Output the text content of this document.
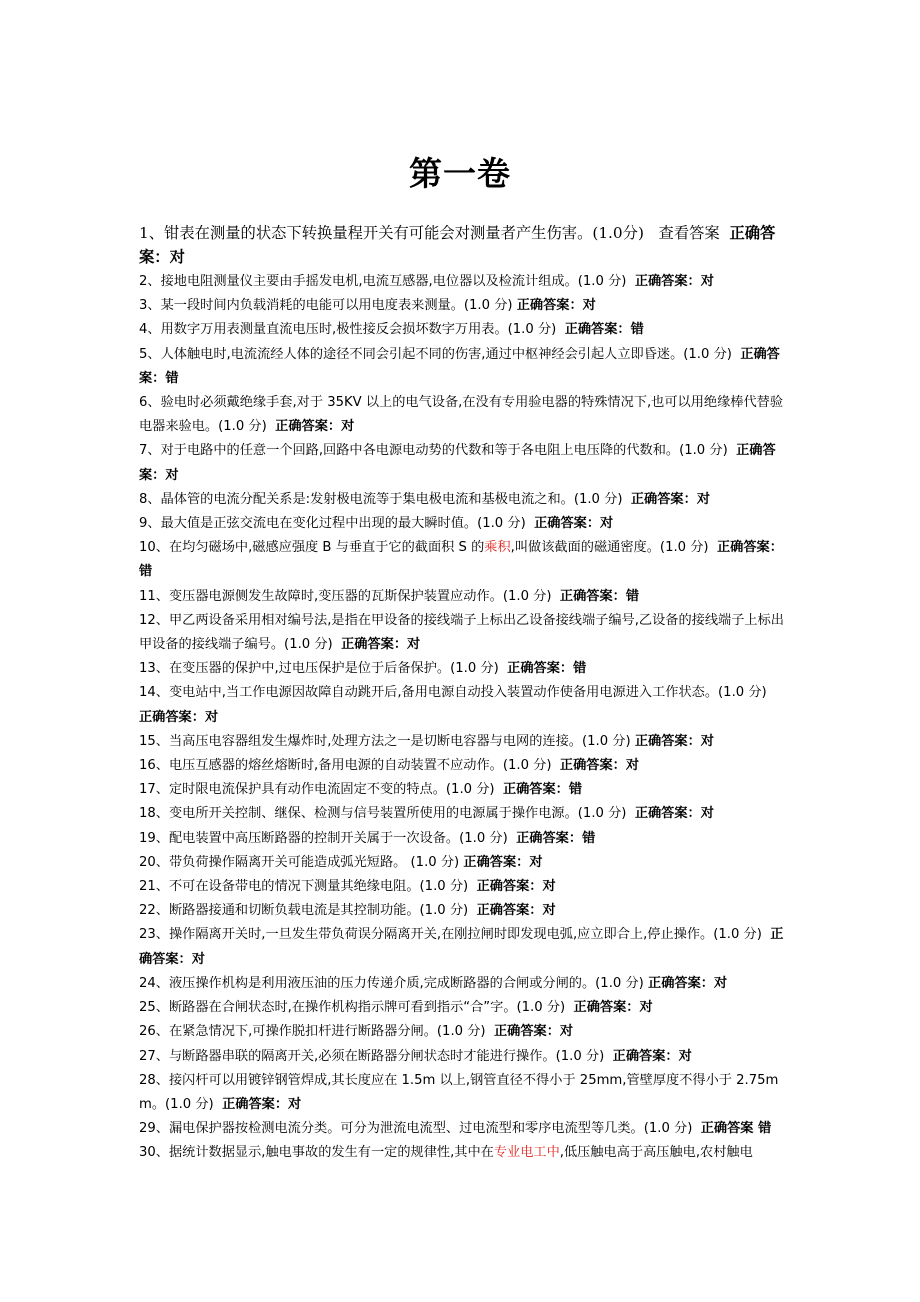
第一卷

1、钳表在测量的状态下转换量程开关有可能会对测量者产生伤害。(1.0分) 查看答案 正确答案：对

2、接地电阻测量仪主要由手摇发电机,电流互感器,电位器以及检流计组成。(1.0 分) 正确答案：对

3、某一段时间内负载消耗的电能可以用电度表来测量。(1.0 分) 正确答案：对

4、用数字万用表测量直流电压时,极性接反会损坏数字万用表。(1.0 分) 正确答案：错

5、人体触电时,电流流经人体的途径不同会引起不同的伤害,通过中枢神经会引起人立即昏迷。(1.0 分) 正确答案：错

6、验电时必须戴绝缘手套,对于 35KV 以上的电气设备,在没有专用验电器的特殊情况下,也可以用绝缘棒代替验电器来验电。(1.0 分) 正确答案：对

7、对于电路中的任意一个回路,回路中各电源电动势的代数和等于各电阻上电压降的代数和。(1.0 分) 正确答案：对

8、晶体管的电流分配关系是:发射极电流等于集电极电流和基极电流之和。(1.0 分) 正确答案：对

9、最大值是正弦交流电在变化过程中出现的最大瞬时值。(1.0 分) 正确答案：对

10、在均匀磁场中,磁感应强度 B 与垂直于它的截面积 S 的乘积,叫做该截面的磁通密度。(1.0 分) 正确答案：错

11、变压器电源侧发生故障时,变压器的瓦斯保护装置应动作。(1.0 分) 正确答案：错

12、甲乙两设备采用相对编号法,是指在甲设备的接线端子上标出乙设备接线端子编号,乙设备的接线端子上标出甲设备的接线端子编号。(1.0 分) 正确答案：对

13、在变压器的保护中,过电压保护是位于后备保护。(1.0 分) 正确答案：错

14、变电站中,当工作电源因故障自动跳开后,备用电源自动投入装置动作使备用电源进入工作状态。(1.0 分)  正确答案：对

15、当高压电容器组发生爆炸时,处理方法之一是切断电容器与电网的连接。(1.0 分) 正确答案：对

16、电压互感器的熔丝熔断时,备用电源的自动装置不应动作。(1.0 分) 正确答案：对

17、定时限电流保护具有动作电流固定不变的特点。(1.0 分) 正确答案：错

18、变电所开关控制、继保、检测与信号装置所使用的电源属于操作电源。(1.0 分) 正确答案：对

19、配电装置中高压断路器的控制开关属于一次设备。(1.0 分) 正确答案：错

20、带负荷操作隔离开关可能造成弧光短路。 (1.0 分) 正确答案：对

21、不可在设备带电的情况下测量其绝缘电阻。(1.0 分) 正确答案：对

22、断路器接通和切断负载电流是其控制功能。(1.0 分) 正确答案：对

23、操作隔离开关时,一旦发生带负荷误分隔离开关,在刚拉闸时即发现电弧,应立即合上,停止操作。(1.0 分) 正确答案：对

24、液压操作机构是利用液压油的压力传递介质,完成断路器的合闸或分闸的。(1.0 分) 正确答案：对

25、断路器在合闸状态时,在操作机构指示牌可看到指示“合”字。(1.0 分) 正确答案：对

26、在紧急情况下,可操作脱扣杆进行断路器分闸。(1.0 分) 正确答案：对

27、与断路器串联的隔离开关,必须在断路器分闸状态时才能进行操作。(1.0 分) 正确答案：对

28、接闪杆可以用镀锌钢管焊成,其长度应在 1.5m 以上,钢管直径不得小于 25mm,管壁厚度不得小于 2.75mm。(1.0 分) 正确答案：对

29、漏电保护器按检测电流分类。可分为泄流电流型、过电流型和零序电流型等几类。(1.0 分) 正确答案 错

30、据统计数据显示,触电事故的发生有一定的规律性,其中在专业电工中,低压触电高于高压触电,农村触电
